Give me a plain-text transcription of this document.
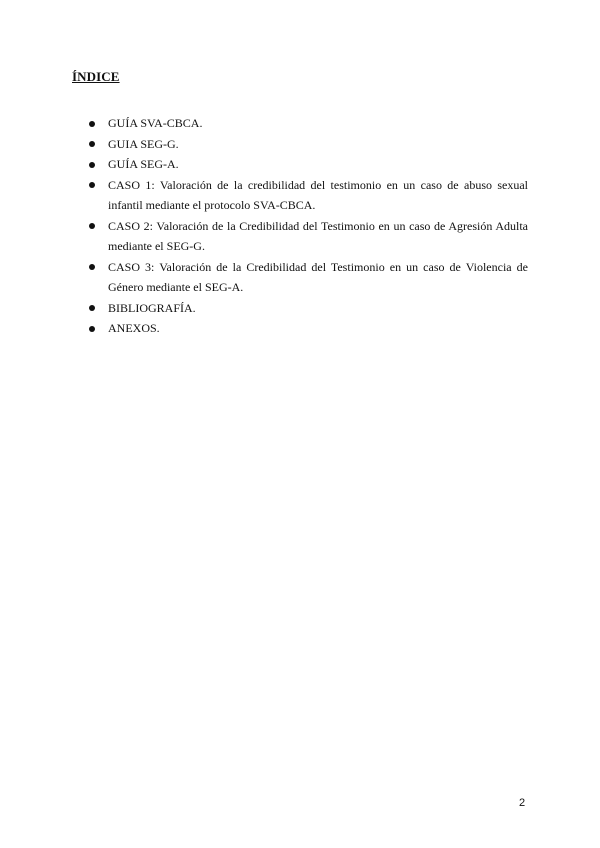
ÍNDICE
GUÍA SVA-CBCA.
GUIA SEG-G.
GUÍA SEG-A.
CASO 1: Valoración de la credibilidad del testimonio en un caso de abuso sexual infantil mediante el protocolo SVA-CBCA.
CASO 2: Valoración de la Credibilidad del Testimonio en un caso de Agresión Adulta mediante el SEG-G.
CASO 3: Valoración de la Credibilidad del Testimonio en un caso de Violencia de Género mediante el SEG-A.
BIBLIOGRAFÍA.
ANEXOS.
2
